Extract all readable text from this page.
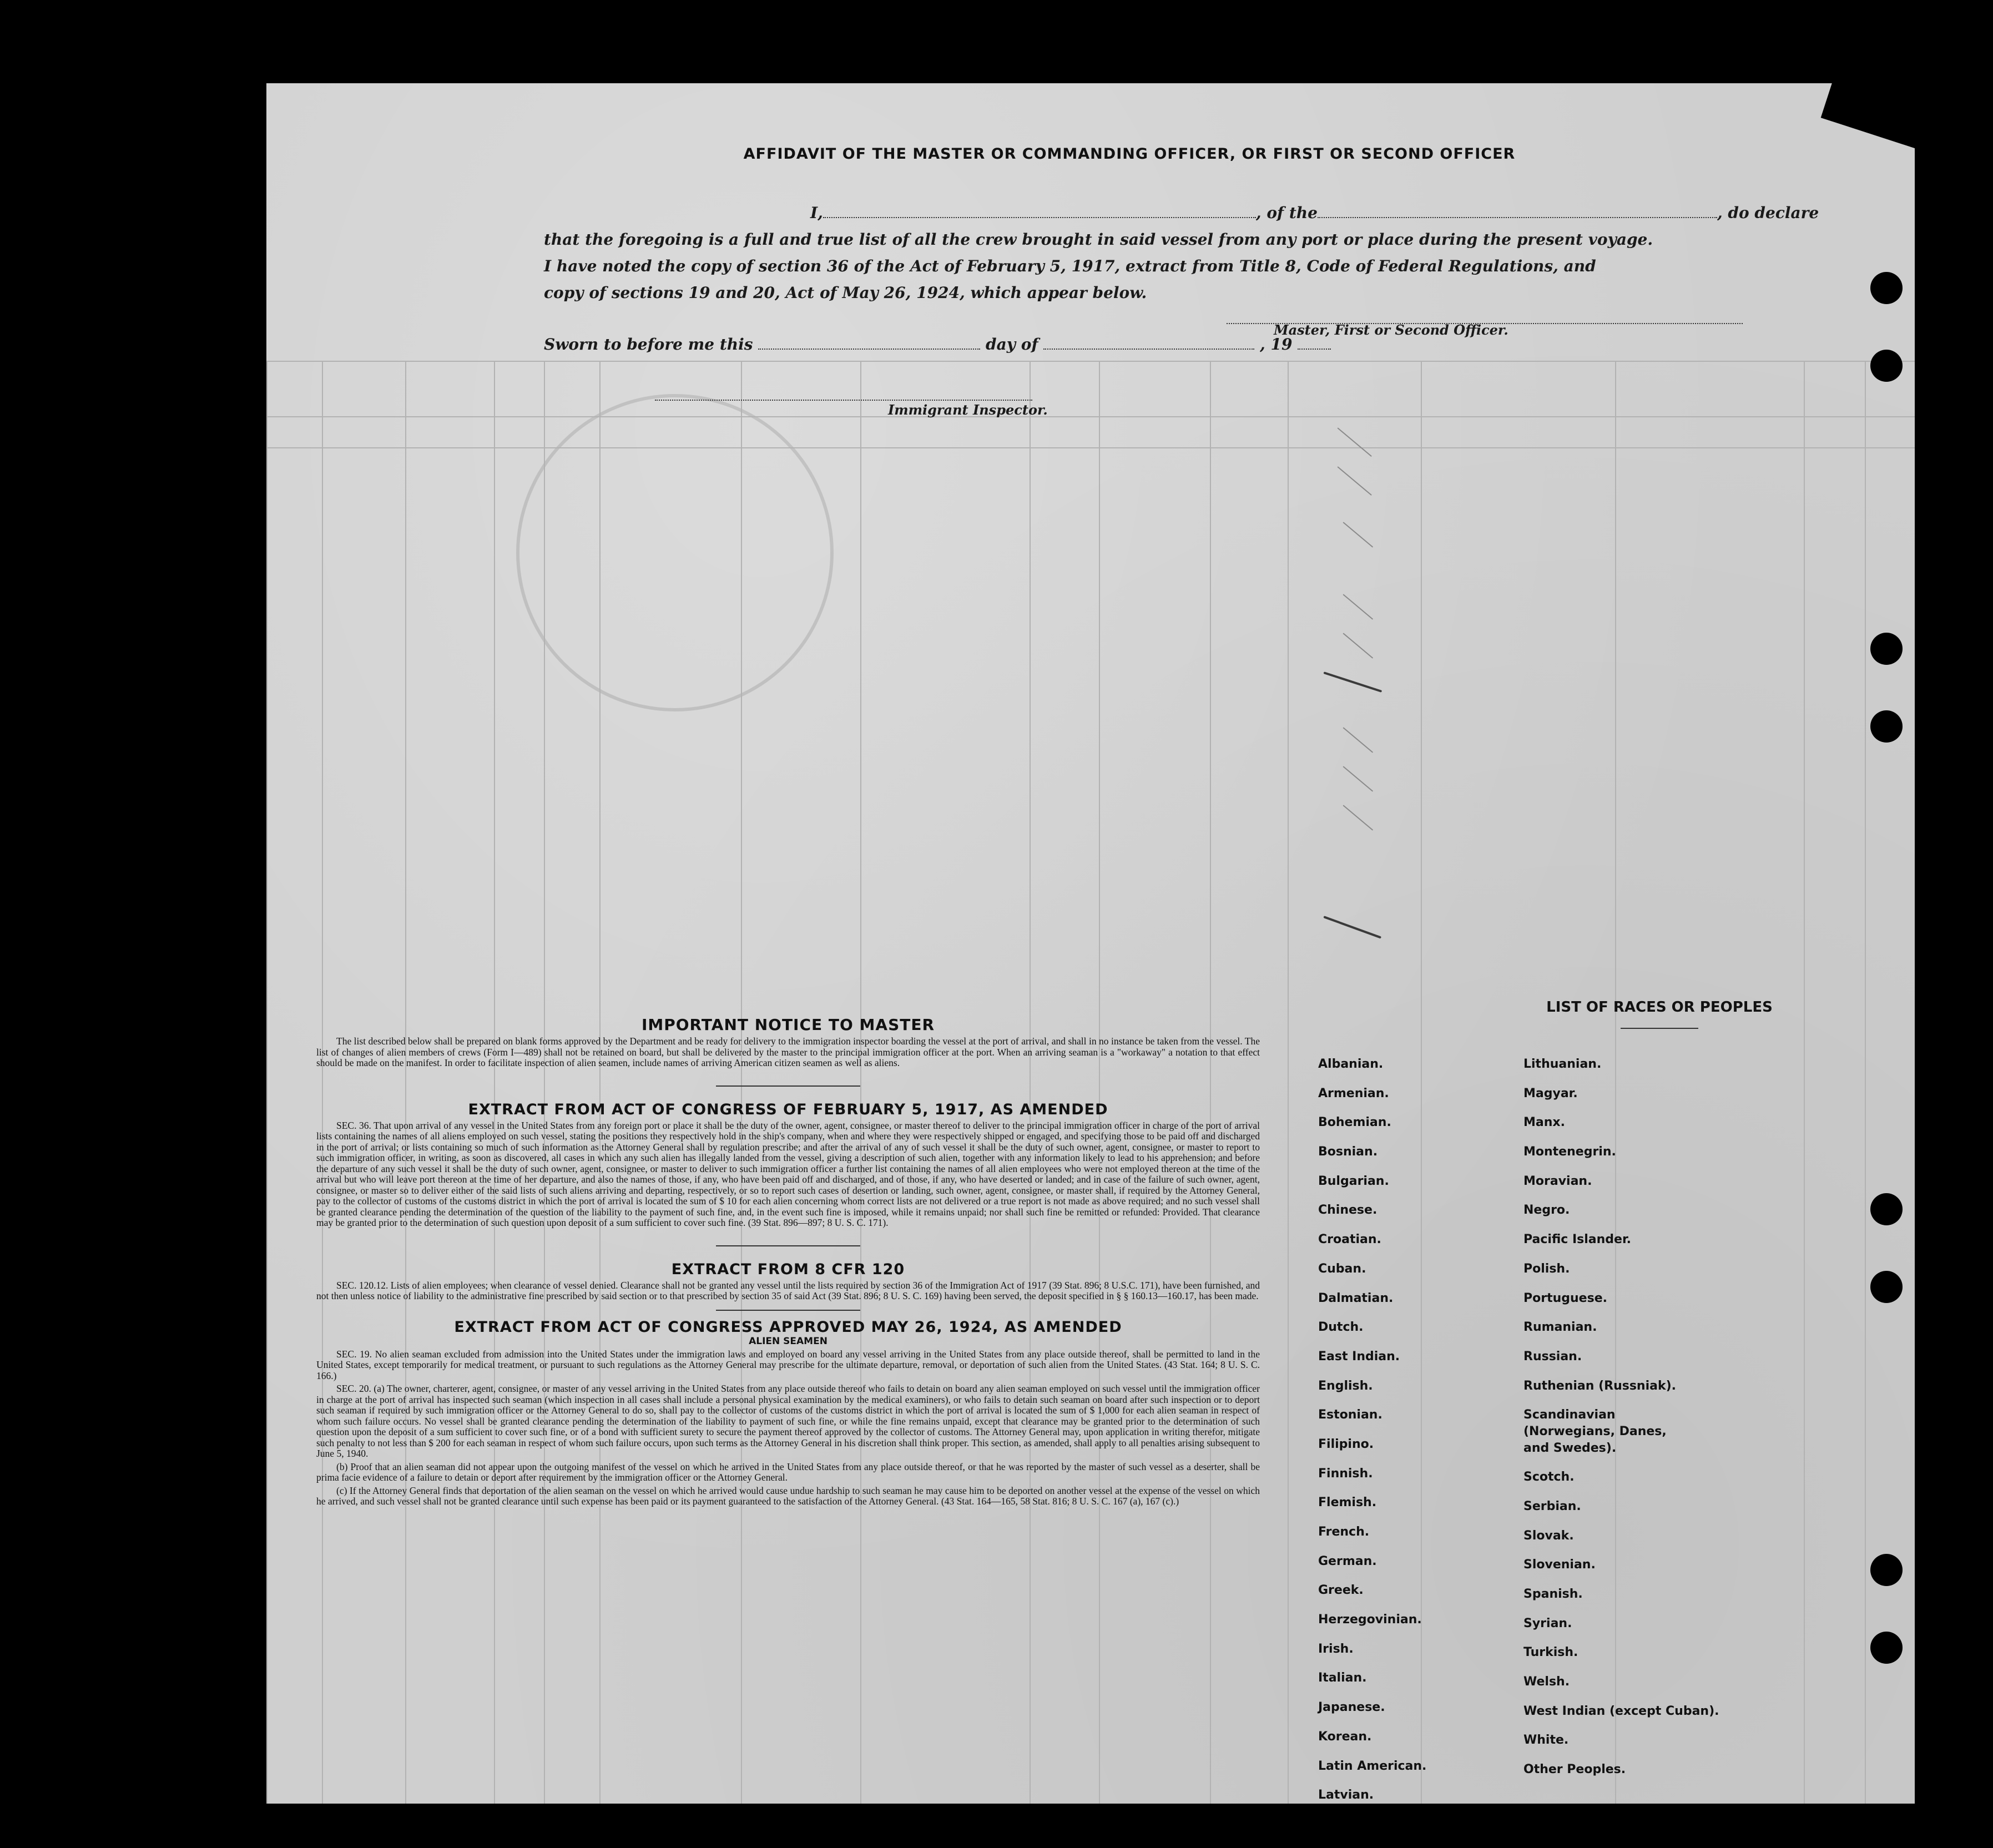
AFFIDAVIT OF THE MASTER OR COMMANDING OFFICER, OR FIRST OR SECOND OFFICER
I,	, of the	, do declare
that the foregoing is a full and true list of all the crew brought in said vessel from any port or place during the present voyage.
I have noted the copy of section 36 of the Act of February 5, 1917, extract from Title 8, Code of Federal Regulations, and
copy of sections 19 and 20, Act of May 26, 1924, which appear below.
Master, First or Second Officer.
Sworn to before me this	day of	, 19
Immigrant Inspector.

IMPORTANT NOTICE TO MASTER

The list described below shall be prepared on blank forms approved by the Department and be ready for delivery to the immigration inspector boarding the vessel at the port of arrival, and shall in no instance be taken from the vessel. The list of changes of alien members of crews (Form I—489) shall not be retained on board, but shall be delivered by the master to the principal immigration officer at the port. When an arriving seaman is a "workaway" a notation to that effect should be made on the manifest. In order to facilitate inspection of alien seamen, include names of arriving American citizen seamen as well as aliens.

EXTRACT FROM ACT OF CONGRESS OF FEBRUARY 5, 1917, AS AMENDED

SEC. 36. That upon arrival of any vessel in the United States from any foreign port or place it shall be the duty of the owner, agent, consignee, or master thereof to deliver to the principal immigration officer in charge of the port of arrival lists containing the names of all aliens employed on such vessel, stating the positions they respectively hold in the ship's company, when and where they were respectively shipped or engaged, and specifying those to be paid off and discharged in the port of arrival; or lists containing so much of such information as the Attorney General shall by regulation prescribe; and after the arrival of any of such vessel it shall be the duty of such owner, agent, consignee, or master to report to such immigration officer, in writing, as soon as discovered, all cases in which any such alien has illegally landed from the vessel, giving a description of such alien, together with any information likely to lead to his apprehension; and before the departure of any such vessel it shall be the duty of such owner, agent, consignee, or master to deliver to such immigration officer a further list containing the names of all alien employees who were not employed thereon at the time of the arrival but who will leave port thereon at the time of her departure, and also the names of those, if any, who have been paid off and discharged, and of those, if any, who have deserted or landed; and in case of the failure of such owner, agent, consignee, or master so to deliver either of the said lists of such aliens arriving and departing, respectively, or so to report such cases of desertion or landing, such owner, agent, consignee, or master shall, if required by the Attorney General, pay to the collector of customs of the customs district in which the port of arrival is located the sum of $ 10 for each alien concerning whom correct lists are not delivered or a true report is not made as above required; and no such vessel shall be granted clearance pending the determination of the question of the liability to the payment of such fine, and, in the event such fine is imposed, while it remains unpaid; nor shall such fine be remitted or refunded: Provided. That clearance may be granted prior to the determination of such question upon deposit of a sum sufficient to cover such fine. (39 Stat. 896—897; 8 U. S. C. 171).

EXTRACT FROM 8 CFR 120

SEC. 120.12. Lists of alien employees; when clearance of vessel denied. Clearance shall not be granted any vessel until the lists required by section 36 of the Immigration Act of 1917 (39 Stat. 896; 8 U.S.C. 171), have been furnished, and not then unless notice of liability to the administrative fine prescribed by said section or to that prescribed by section 35 of said Act (39 Stat. 896; 8 U. S. C. 169) having been served, the deposit specified in § § 160.13—160.17, has been made.

EXTRACT FROM ACT OF CONGRESS APPROVED MAY 26, 1924, AS AMENDED

ALIEN SEAMEN

SEC. 19. No alien seaman excluded from admission into the United States under the immigration laws and employed on board any vessel arriving in the United States from any place outside thereof, shall be permitted to land in the United States, except temporarily for medical treatment, or pursuant to such regulations as the Attorney General may prescribe for the ultimate departure, removal, or deportation of such alien from the United States. (43 Stat. 164; 8 U. S. C. 166.)

SEC. 20. (a) The owner, charterer, agent, consignee, or master of any vessel arriving in the United States from any place outside thereof who fails to detain on board any alien seaman employed on such vessel until the immigration officer in charge at the port of arrival has inspected such seaman (which inspection in all cases shall include a personal physical examination by the medical examiners), or who fails to detain such seaman on board after such inspection or to deport such seaman if required by such immigration officer or the Attorney General to do so, shall pay to the collector of customs of the customs district in which the port of arrival is located the sum of $ 1,000 for each alien seaman in respect of whom such failure occurs. No vessel shall be granted clearance pending the determination of the liability to payment of such fine, or while the fine remains unpaid, except that clearance may be granted prior to the determination of such question upon the deposit of a sum sufficient to cover such fine, or of a bond with sufficient surety to secure the payment thereof approved by the collector of customs. The Attorney General may, upon application in writing therefor, mitigate such penalty to not less than $ 200 for each seaman in respect of whom such failure occurs, upon such terms as the Attorney General in his discretion shall think proper. This section, as amended, shall apply to all penalties arising subsequent to June 5, 1940.

(b) Proof that an alien seaman did not appear upon the outgoing manifest of the vessel on which he arrived in the United States from any place outside thereof, or that he was reported by the master of such vessel as a deserter, shall be prima facie evidence of a failure to detain or deport after requirement by the immigration officer or the Attorney General.

(c) If the Attorney General finds that deportation of the alien seaman on the vessel on which he arrived would cause undue hardship to such seaman he may cause him to be deported on another vessel at the expense of the vessel on which he arrived, and such vessel shall not be granted clearance until such expense has been paid or its payment guaranteed to the satisfaction of the Attorney General. (43 Stat. 164—165, 58 Stat. 816; 8 U. S. C. 167 (a), 167 (c).)

LIST OF RACES OR PEOPLES
Albanian.
Armenian.
Bohemian.
Bosnian.
Bulgarian.
Chinese.
Croatian.
Cuban.
Dalmatian.
Dutch.
East Indian.
English.
Estonian.
Filipino.
Finnish.
Flemish.
French.
German.
Greek.
Herzegovinian.
Irish.
Italian.
Japanese.
Korean.
Latin American.
Latvian.
Lithuanian.
Magyar.
Manx.
Montenegrin.
Moravian.
Negro.
Pacific Islander.
Polish.
Portuguese.
Rumanian.
Russian.
Ruthenian (Russniak).
Scandinavian (Norwegians, Danes, and Swedes).
Scotch.
Serbian.
Slovak.
Slovenian.
Spanish.
Syrian.
Turkish.
Welsh.
West Indian (except Cuban).
White.
Other Peoples.
